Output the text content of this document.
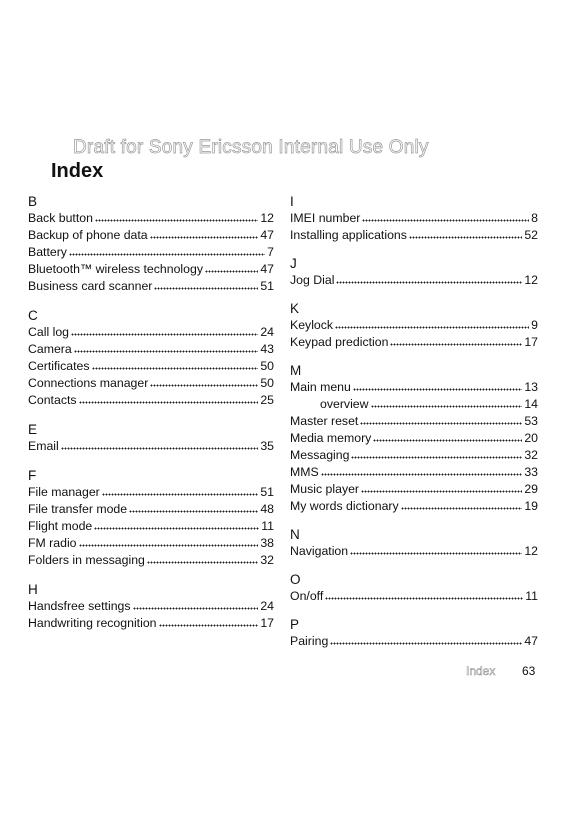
Draft for Sony Ericsson Internal Use Only
Index
B
Back button	12
Backup of phone data	47
Battery	7
Bluetooth™ wireless technology	47
Business card scanner	51
C
Call log	24
Camera	43
Certificates	50
Connections manager	50
Contacts	25
E
Email	35
F
File manager	51
File transfer mode	48
Flight mode	11
FM radio	38
Folders in messaging	32
H
Handsfree settings	24
Handwriting recognition	17
I
IMEI number	8
Installing applications	52
J
Jog Dial	12
K
Keylock	9
Keypad prediction	17
M
Main menu	13
overview	14
Master reset	53
Media memory	20
Messaging	32
MMS	33
Music player	29
My words dictionary	19
N
Navigation	12
O
On/off	11
P
Pairing	47
Index 63
